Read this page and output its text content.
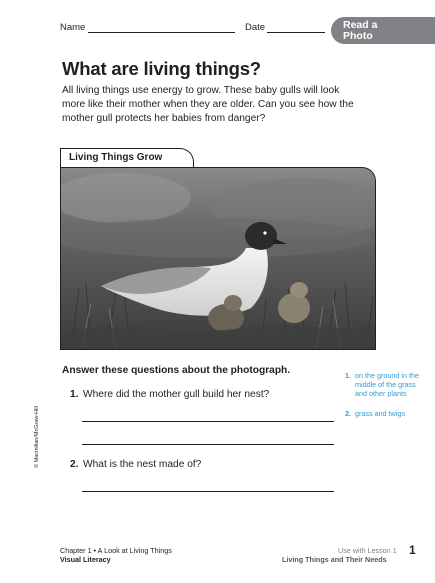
Name	Date	Read a
Photo
What are living things?
All living things use energy to grow. These baby gulls will look more like their mother when they are older. Can you see how the mother gull protects her babies from danger?
Living Things Grow
Answer these questions about the photograph.
1. Where did the mother gull build her nest?
2. What is the nest made of?
1. on the ground in the middle of the grass and other plants
2. grass and twigs
© Macmillan/McGraw-Hill
Chapter 1 • A Look at Living Things
Visual Literacy
Use with Lesson 1
Living Things and Their Needs
1
